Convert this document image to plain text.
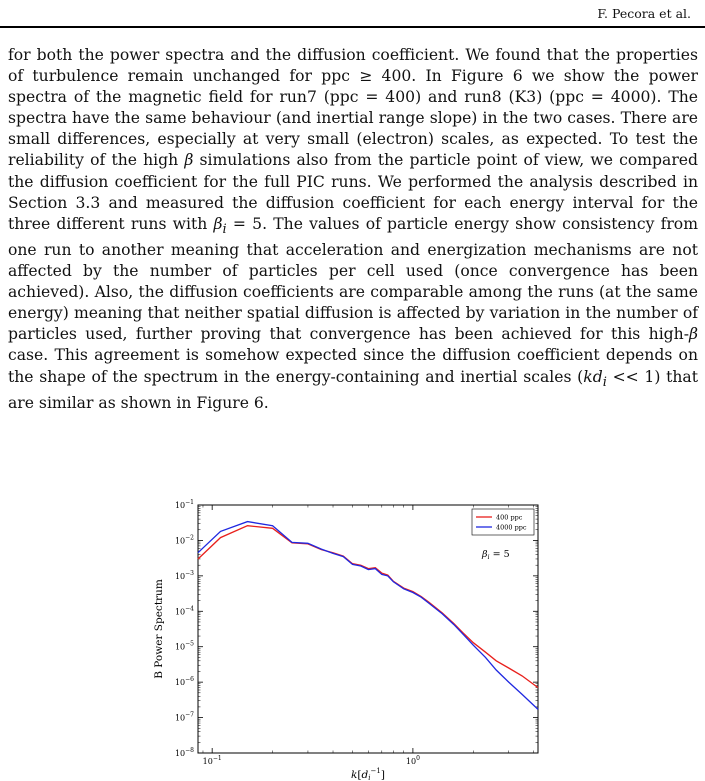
F. Pecora et al.

for both the power spectra and the diffusion coefficient. We found that the properties of turbulence remain unchanged for ppc ≥ 400. In Figure 6 we show the power spectra of the magnetic field for run7 (ppc = 400) and run8 (K3) (ppc = 4000). The spectra have the same behaviour (and inertial range slope) in the two cases. There are small differences, especially at very small (electron) scales, as expected. To test the reliability of the high β simulations also from the particle point of view, we compared the diffusion coefficient for the full PIC runs. We performed the analysis described in Section 3.3 and measured the diffusion coefficient for each energy interval for the three different runs with $\beta_i = 5$. The values of particle energy show consistency from one run to another meaning that acceleration and energization mechanisms are not affected by the number of particles per cell used (once convergence has been achieved). Also, the diffusion coefficients are comparable among the runs (at the same energy) meaning that neither spatial diffusion is affected by variation in the number of particles used, further proving that convergence has been achieved for this high-β case. This agreement is somehow expected since the diffusion coefficient depends on the shape of the spectrum in the energy-containing and inertial scales $(kd_i << 1)$ that are similar as shown in Figure 6.

$10^{-8}$
$10^{-7}$
$10^{-6}$
$10^{-5}$
$10^{-4}$
$10^{-3}$
$10^{-2}$
$10^{-1}$
$10^{-1}$	$10^0$
400 ppc
4000 ppc
$\beta_i = 5$
B Power Spectrum
$k[di^{-1}]$
